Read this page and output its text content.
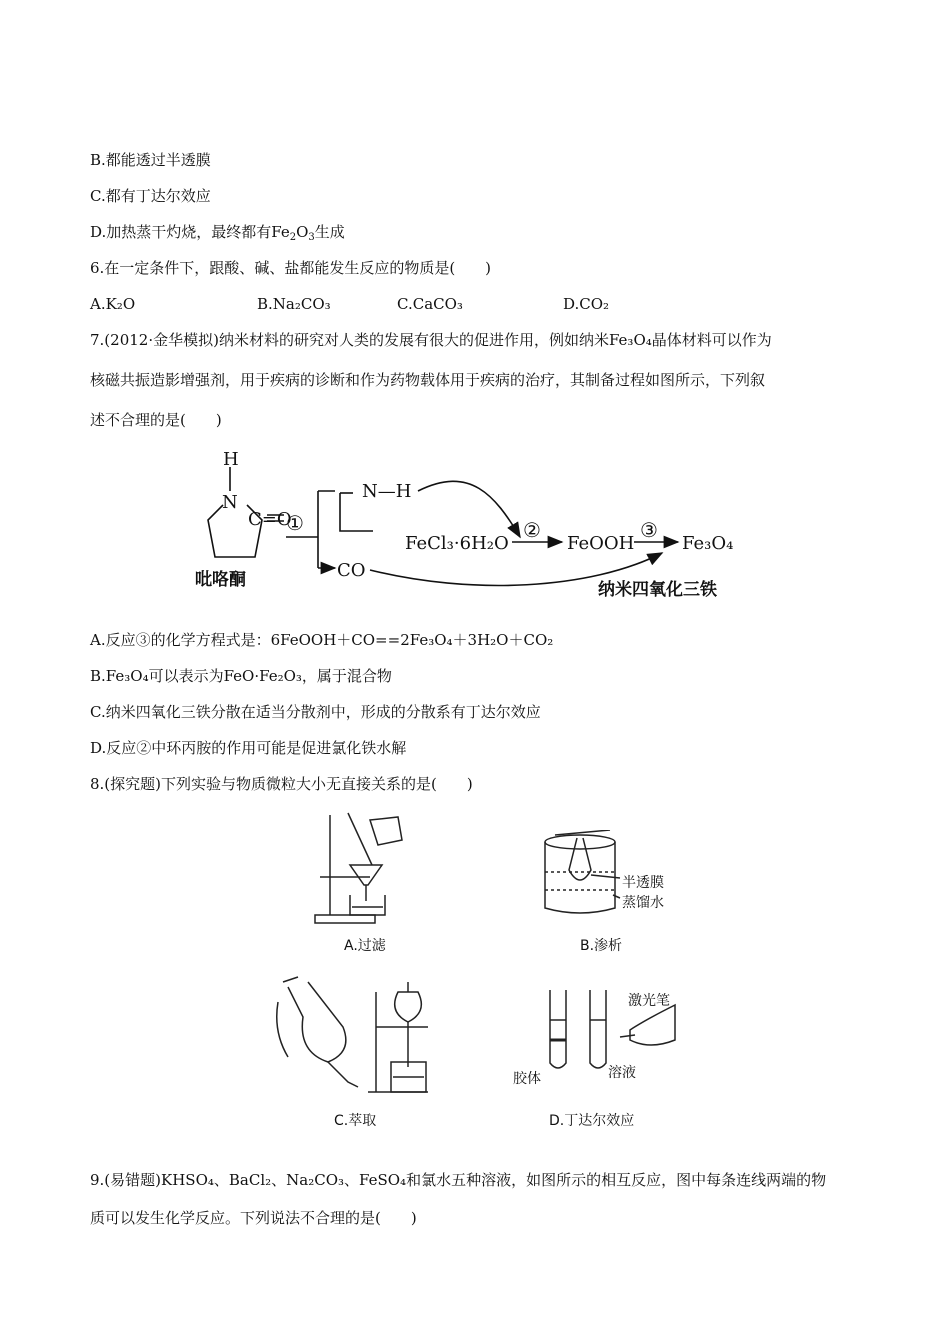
B.都能透过半透膜
C.都有丁达尔效应
D.加热蒸干灼烧，最终都有$Fe_2O_3$生成
6.在一定条件下，跟酸、碱、盐都能发生反应的物质是(　　)
A.K₂O	B.Na₂CO₃	C.CaCO₃	D.CO₂
7.(2012·金华模拟)纳米材料的研究对人类的发展有很大的促进作用，例如纳米Fe₃O₄晶体材料可以作为
核磁共振造影增强剂，用于疾病的诊断和作为药物载体用于疾病的治疗，其制备过程如图所示，下列叙
述不合理的是(　　)
H
N
C=O
①
N—H
CO
FeCl₃·6H₂O
②
FeOOH
③
Fe₃O₄
吡咯酮	纳米四氧化三铁
A.反应③的化学方程式是：6FeOOH＋CO==2Fe₃O₄＋3H₂O＋CO₂
B.Fe₃O₄可以表示为FeO·Fe₂O₃，属于混合物
C.纳米四氧化三铁分散在适当分散剂中，形成的分散系有丁达尔效应
D.反应②中环丙胺的作用可能是促进氯化铁水解
8.(探究题)下列实验与物质微粒大小无直接关系的是(　　)
A.过滤
半透膜
蒸馏水
B.渗析
C.萃取
激光笔
胶体	溶液
D.丁达尔效应
9.(易错题)KHSO₄、BaCl₂、Na₂CO₃、FeSO₄和氯水五种溶液，如图所示的相互反应，图中每条连线两端的物
质可以发生化学反应。下列说法不合理的是(　　)
